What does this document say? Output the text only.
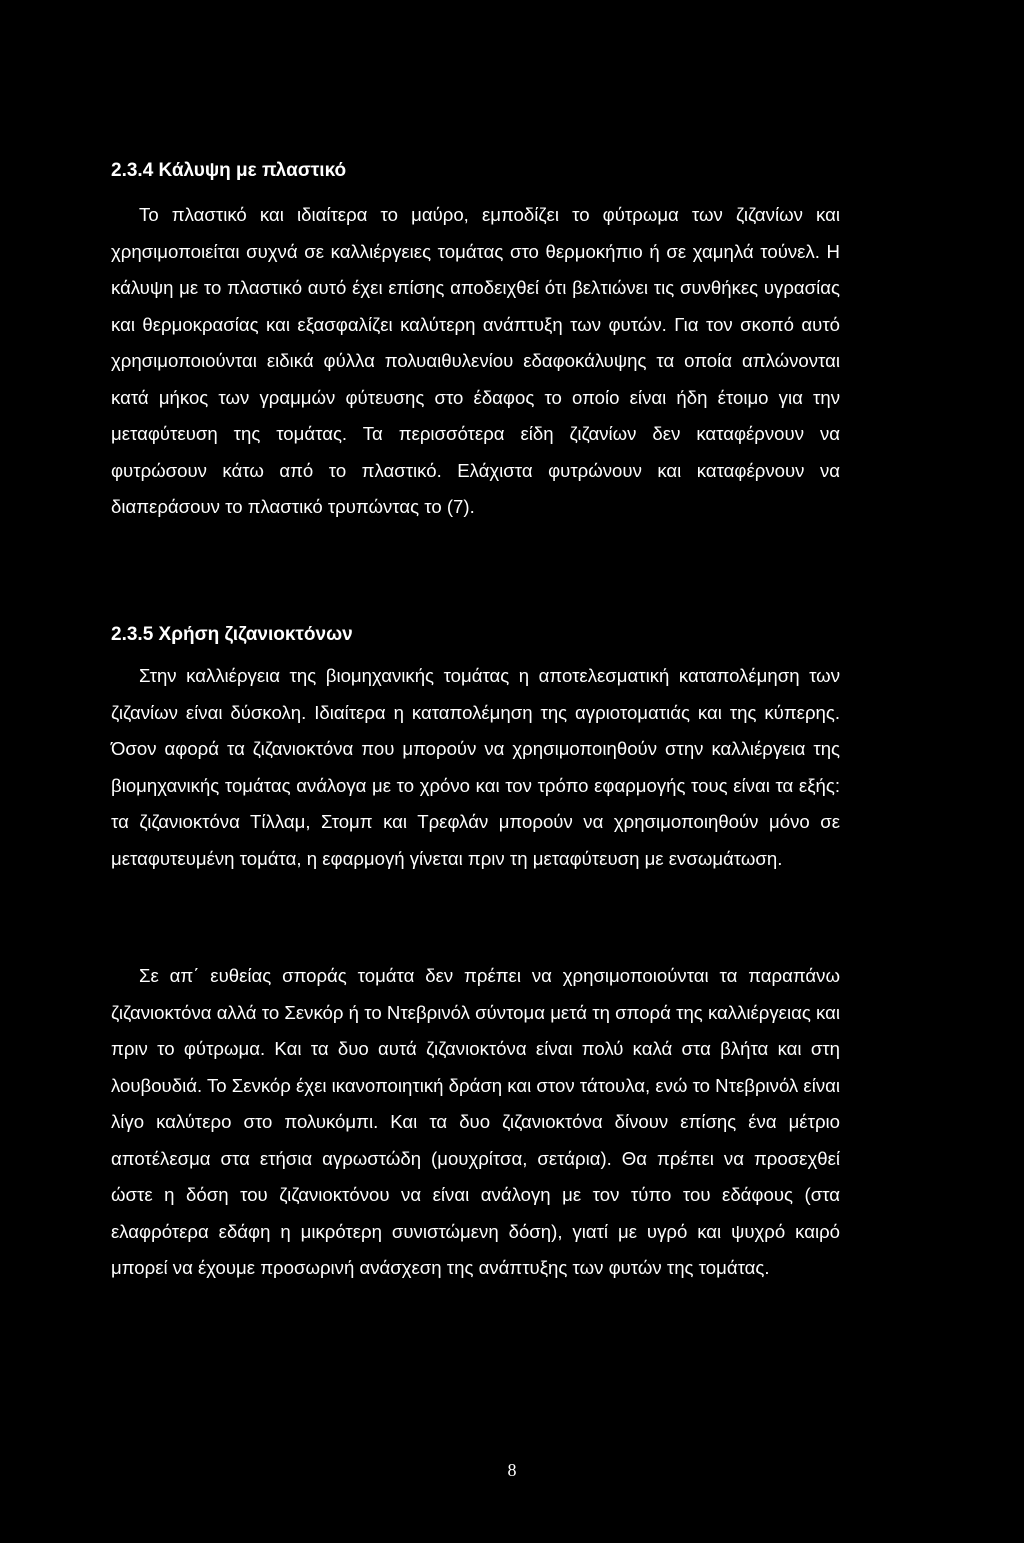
2.3.4 Κάλυψη με πλαστικό

Το πλαστικό και ιδιαίτερα το μαύρο, εμποδίζει το φύτρωμα των ζιζανίων και χρησιμοποιείται συχνά σε καλλιέργειες τομάτας στο θερμοκήπιο ή σε χαμηλά τούνελ. Η κάλυψη με το πλαστικό αυτό έχει επίσης αποδειχθεί ότι βελτιώνει τις συνθήκες υγρασίας και θερμοκρασίας και εξασφαλίζει καλύτερη ανάπτυξη των φυτών. Για τον σκοπό αυτό χρησιμοποιούνται ειδικά φύλλα πολυαιθυλενίου εδαφοκάλυψης τα οποία απλώνονται κατά μήκος των γραμμών φύτευσης στο έδαφος το οποίο είναι ήδη έτοιμο για την μεταφύτευση της τομάτας. Τα περισσότερα είδη ζιζανίων δεν καταφέρνουν να φυτρώσουν κάτω από το πλαστικό. Ελάχιστα φυτρώνουν και καταφέρνουν να διαπεράσουν το πλαστικό τρυπώντας το (7).

2.3.5 Χρήση ζιζανιοκτόνων

Στην καλλιέργεια της βιομηχανικής τομάτας η αποτελεσματική καταπολέμηση των ζιζανίων είναι δύσκολη. Ιδιαίτερα η καταπολέμηση της αγριοτοματιάς και της κύπερης. Όσον αφορά τα ζιζανιοκτόνα που μπορούν να χρησιμοποιηθούν στην καλλιέργεια της βιομηχανικής τομάτας ανάλογα με το χρόνο και τον τρόπο εφαρμογής τους είναι τα εξής: τα ζιζανιοκτόνα Τίλλαμ, Στομπ και Τρεφλάν μπορούν να χρησιμοποιηθούν μόνο σε μεταφυτευμένη τομάτα, η εφαρμογή γίνεται πριν τη μεταφύτευση με ενσωμάτωση.

Σε απ΄ ευθείας σποράς τομάτα δεν πρέπει να χρησιμοποιούνται τα παραπάνω ζιζανιοκτόνα αλλά το Σενκόρ ή το Ντεβρινόλ σύντομα μετά τη σπορά της καλλιέργειας και πριν το φύτρωμα. Και τα δυο αυτά ζιζανιοκτόνα είναι πολύ καλά στα βλήτα και στη λουβουδιά. Το Σενκόρ έχει ικανοποιητική δράση και στον τάτουλα, ενώ το Ντεβρινόλ είναι λίγο καλύτερο στο πολυκόμπι. Και τα δυο ζιζανιοκτόνα δίνουν επίσης ένα μέτριο αποτέλεσμα στα ετήσια αγρωστώδη (μουχρίτσα, σετάρια). Θα πρέπει να προσεχθεί ώστε η δόση του ζιζανιοκτόνου να είναι ανάλογη με τον τύπο του εδάφους (στα ελαφρότερα εδάφη η μικρότερη συνιστώμενη δόση), γιατί με υγρό και ψυχρό καιρό μπορεί να έχουμε προσωρινή ανάσχεση της ανάπτυξης των φυτών της τομάτας.

8
